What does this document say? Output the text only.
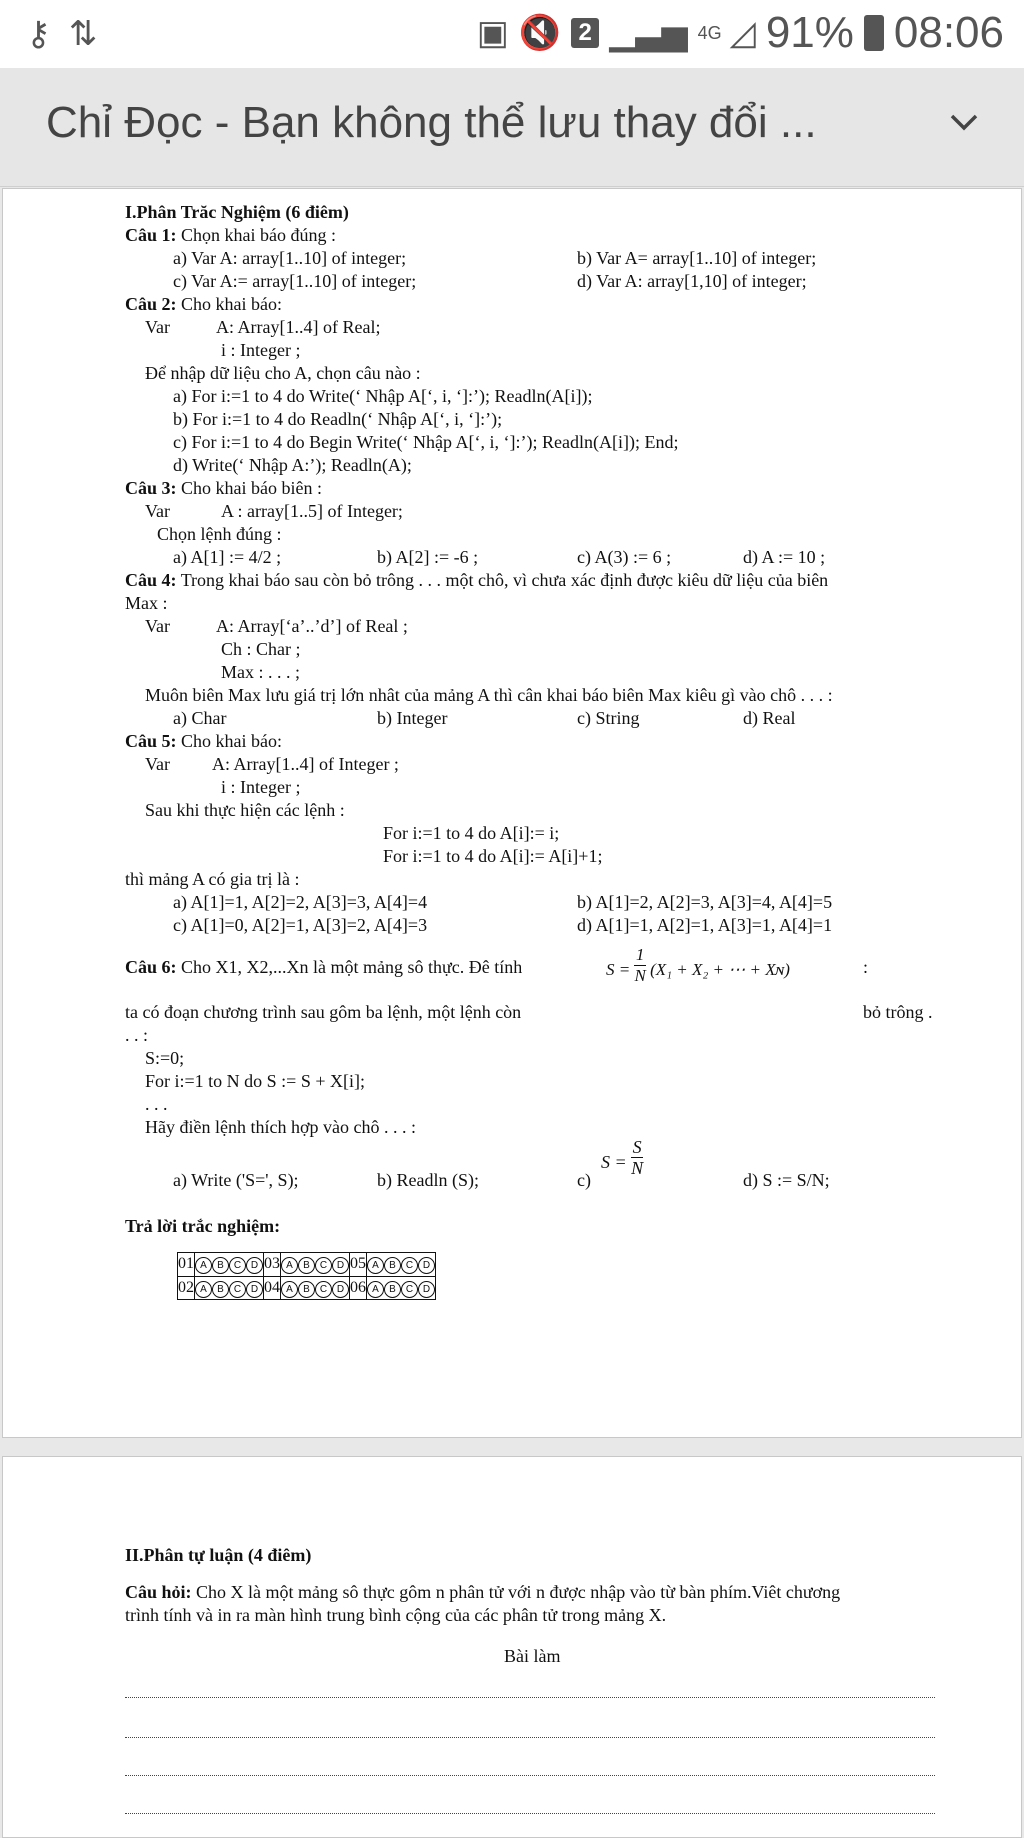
⚷ ⇅	▣ 🔇 2 ▁▃▅ 4G ◿ 91% 08:06
Chỉ Đọc - Bạn không thể lưu thay đổi ...
I.Phân Trăc Nghiệm (6 điêm)
Câu 1: Chọn khai báo đúng :
a) Var A: array[1..10] of integer;	b) Var A= array[1..10] of integer;
c) Var A:= array[1..10] of integer;	d) Var A: array[1,10] of integer;
Câu 2: Cho khai báo:
Var	A: Array[1..4] of Real;
i : Integer ;
Để nhập dữ liệu cho A, chọn câu nào :
a) For i:=1 to 4 do Write(‘ Nhập A[‘, i, ‘]:’); Readln(A[i]);
b) For i:=1 to 4 do Readln(‘ Nhập A[‘, i, ‘]:’);
c) For i:=1 to 4 do Begin Write(‘ Nhập A[‘, i, ‘]:’); Readln(A[i]); End;
d) Write(‘ Nhập A:’); Readln(A);
Câu 3: Cho khai báo biên :
Var	A : array[1..5] of Integer;
Chọn lệnh đúng :
a) A[1] := 4/2 ;	b) A[2] := -6 ;	c) A(3) := 6 ;	d) A := 10 ;
Câu 4: Trong khai báo sau còn bỏ trông . . . một chô, vì chưa xác định được kiêu dữ liệu của biên
Max :
Var	A: Array[‘a’..’d’] of Real ;
Ch : Char ;
Max : . . . ;
Muôn biên Max lưu giá trị lớn nhât của mảng A thì cân khai báo biên Max kiêu gì vào chô . . . :
a) Char	b) Integer	c) String	d) Real
Câu 5: Cho khai báo:
Var A: Array[1..4] of Integer ;
i : Integer ;
Sau khi thực hiện các lệnh :
For i:=1 to 4 do A[i]:= i;
For i:=1 to 4 do A[i]:= A[i]+1;
thì mảng A có gia trị là :
a) A[1]=1, A[2]=2, A[3]=3, A[4]=4	b) A[1]=2, A[2]=3, A[3]=4, A[4]=5
c) A[1]=0, A[2]=1, A[3]=2, A[4]=3	d) A[1]=1, A[2]=1, A[3]=1, A[4]=1
Câu 6: Cho X1, X2,...Xn là một mảng sô thực. Đê tính	$S = \frac{1}{N} (X_1 + X_2$ + ⋯ + Xɴ)	:
ta có đoạn chương trình sau gôm ba lệnh, một lệnh còn	bỏ trông .
. . :
S:=0;
For i:=1 to N do S := S + X[i];
. . .
Hãy điền lệnh thích hợp vào chô . . . :
a) Write ('S=', S);	b) Readln (S);	c)
$S = \frac{S}{N}$
d) S := S/N;
Trả lời trắc nghiệm:
01	A	B	C	D	03	A	B	C	D	05	A	B	C	D
02	A	B	C	D	04	A	B	C	D	06	A	B	C	D
II.Phân tự luận (4 điêm)
Câu hỏi: Cho X là một mảng sô thực gôm n phân tử với n được nhập vào từ bàn phím.Viêt chương
trình tính và in ra màn hình trung bình cộng của các phân tử trong mảng X.
Bài làm
